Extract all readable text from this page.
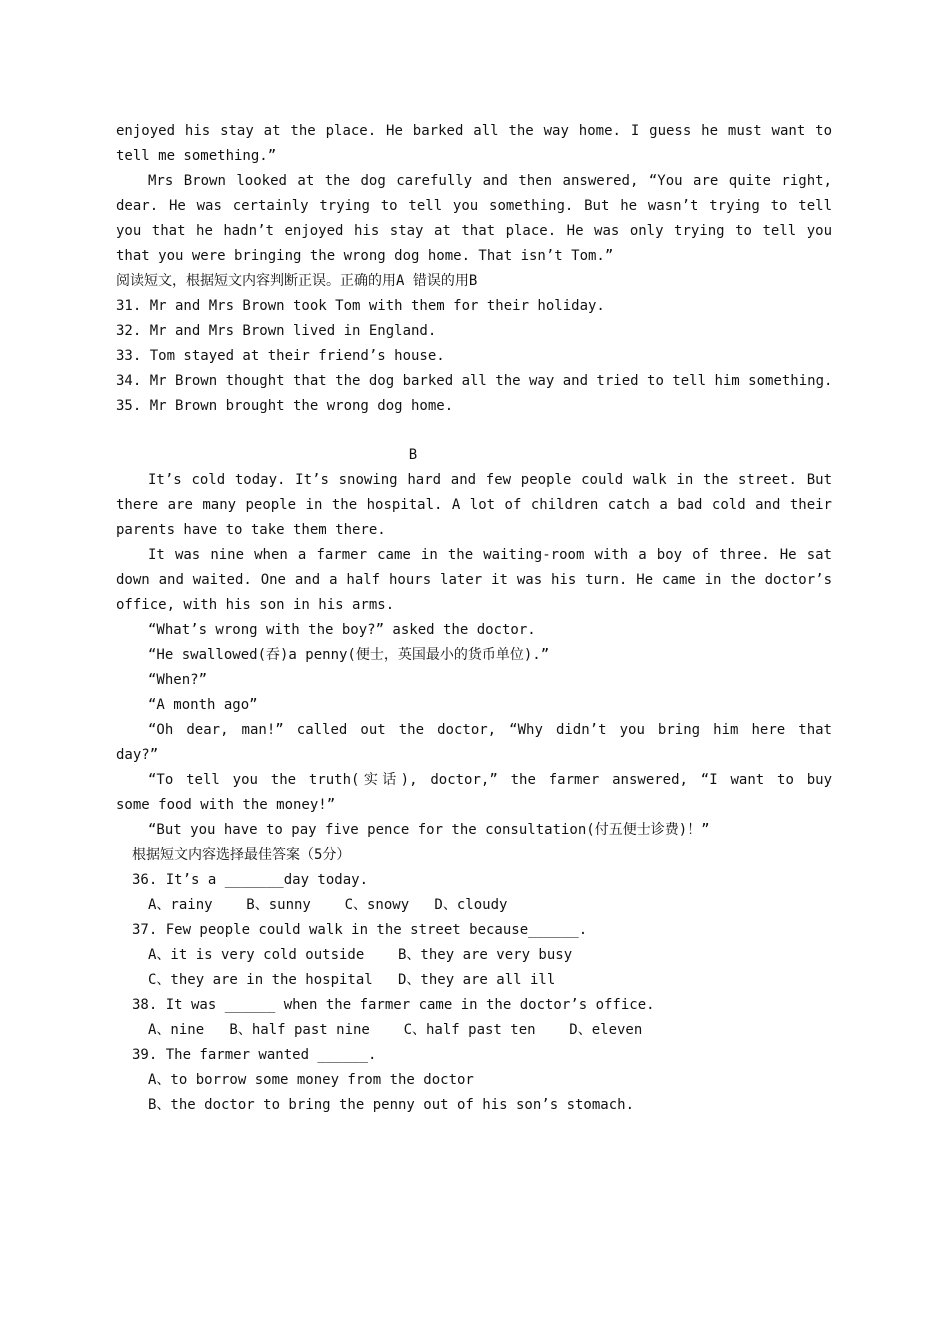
enjoyed his stay at the place. He barked all the way home. I guess he must want to
tell me something.”
Mrs Brown looked at the dog carefully and then answered, “You are quite right,
dear. He was certainly trying to tell you something. But he wasn’t trying to tell
you that he hadn’t enjoyed his stay at that place. He was only trying to tell you
that you were bringing the wrong dog home. That isn’t Tom.”
阅读短文，根据短文内容判断正误。正确的用A 错误的用B
31. Mr and Mrs Brown took Tom with them for their holiday.
32. Mr and Mrs Brown lived in England.
33. Tom stayed at their friend’s house.
34. Mr Brown thought that the dog barked all the way and tried to tell him something.
35. Mr Brown brought the wrong dog home.
B
It’s cold today. It’s snowing hard and few people could walk in the street. But
there are many people in the hospital. A lot of children catch a bad cold and their
parents have to take them there.
It was nine when a farmer came in the waiting-room with a boy of three. He sat
down and waited. One and a half hours later it was his turn. He came in the doctor’s
office, with his son in his arms.
“What’s wrong with the boy?” asked the doctor.
“He swallowed(吞)a penny(便士，英国最小的货币单位).”
“When?”
“A month ago”
“Oh dear, man!” called out the doctor, “Why didn’t you bring him here that
day?”
“To tell you the truth(实话), doctor,” the farmer answered, “I want to buy
some food with the money!”
“But you have to pay five pence for the consultation(付五便士诊费)！”
根据短文内容选择最佳答案（5分）
36. It’s a _______day today.
A、rainy    B、sunny    C、snowy   D、cloudy
37. Few people could walk in the street because______.
A、it is very cold outside    B、they are very busy
C、they are in the hospital   D、they are all ill
38. It was ______ when the farmer came in the doctor’s office.
A、nine   B、half past nine    C、half past ten    D、eleven
39. The farmer wanted ______.
A、to borrow some money from the doctor
B、the doctor to bring the penny out of his son’s stomach.
